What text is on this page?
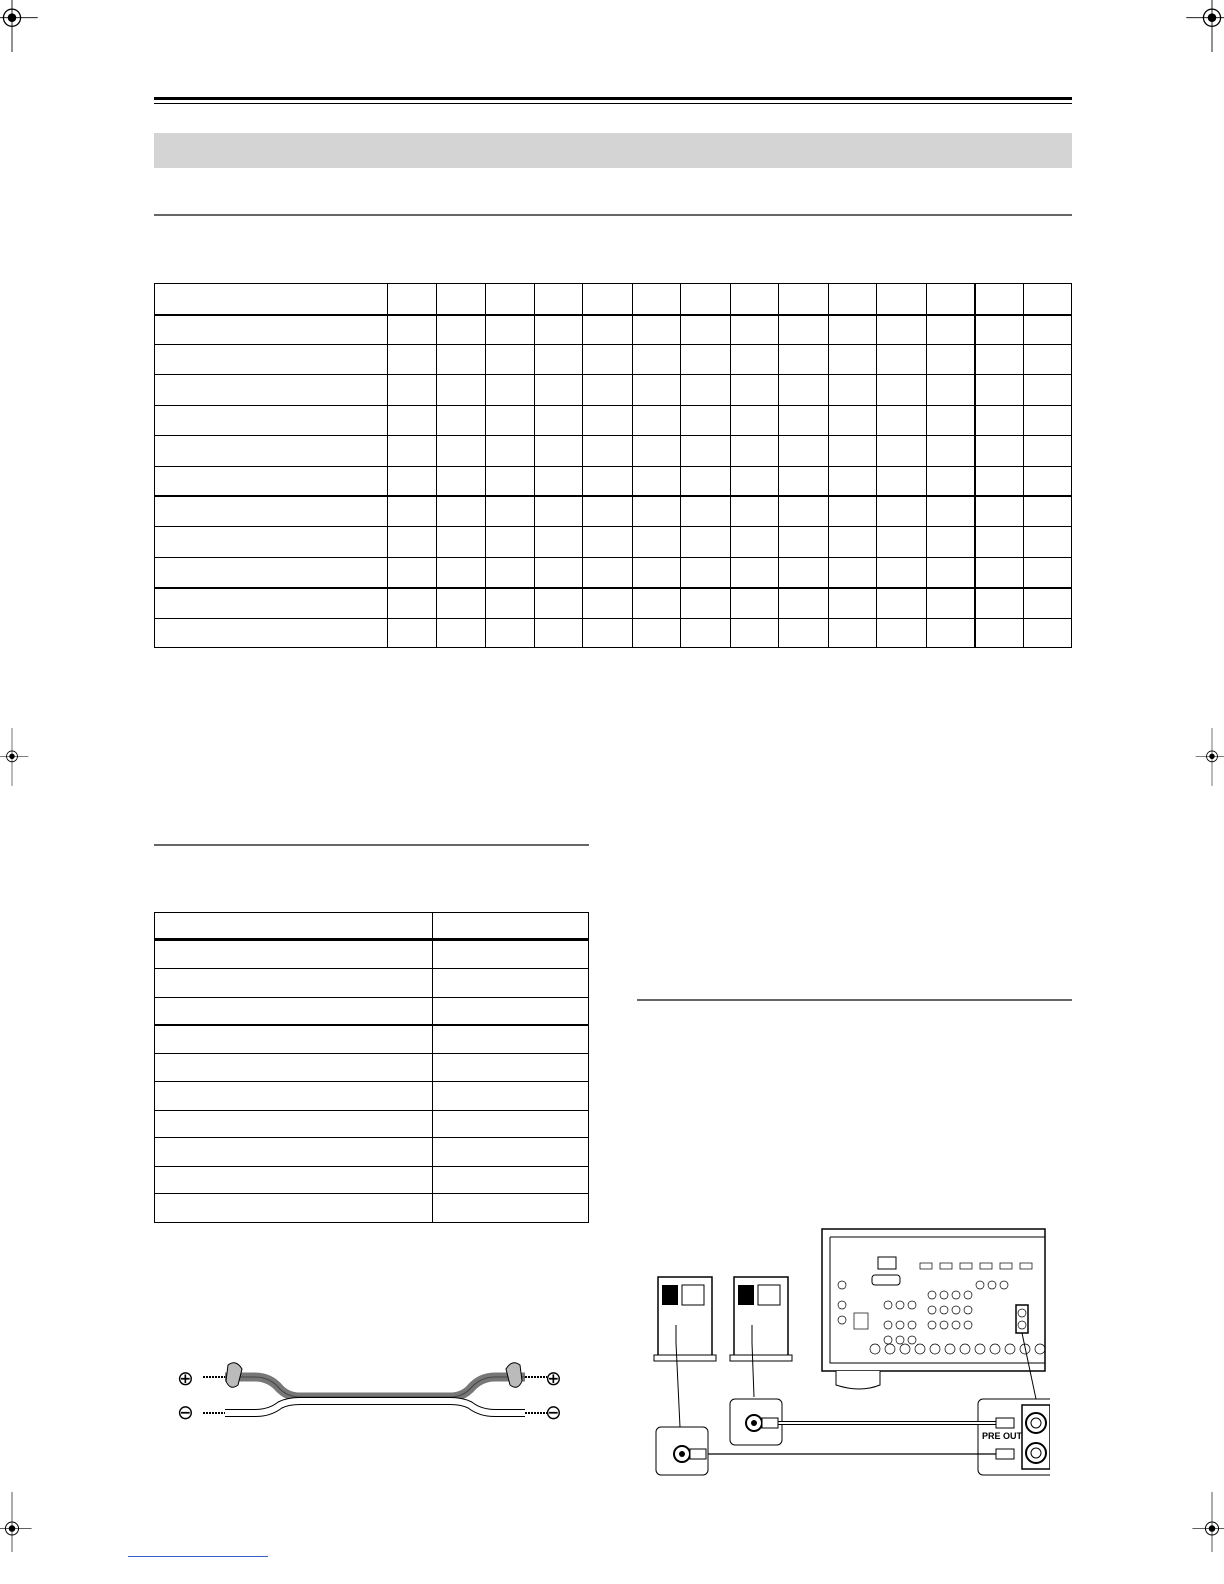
⊕
⊖
⊕
⊖
PRE OUT
